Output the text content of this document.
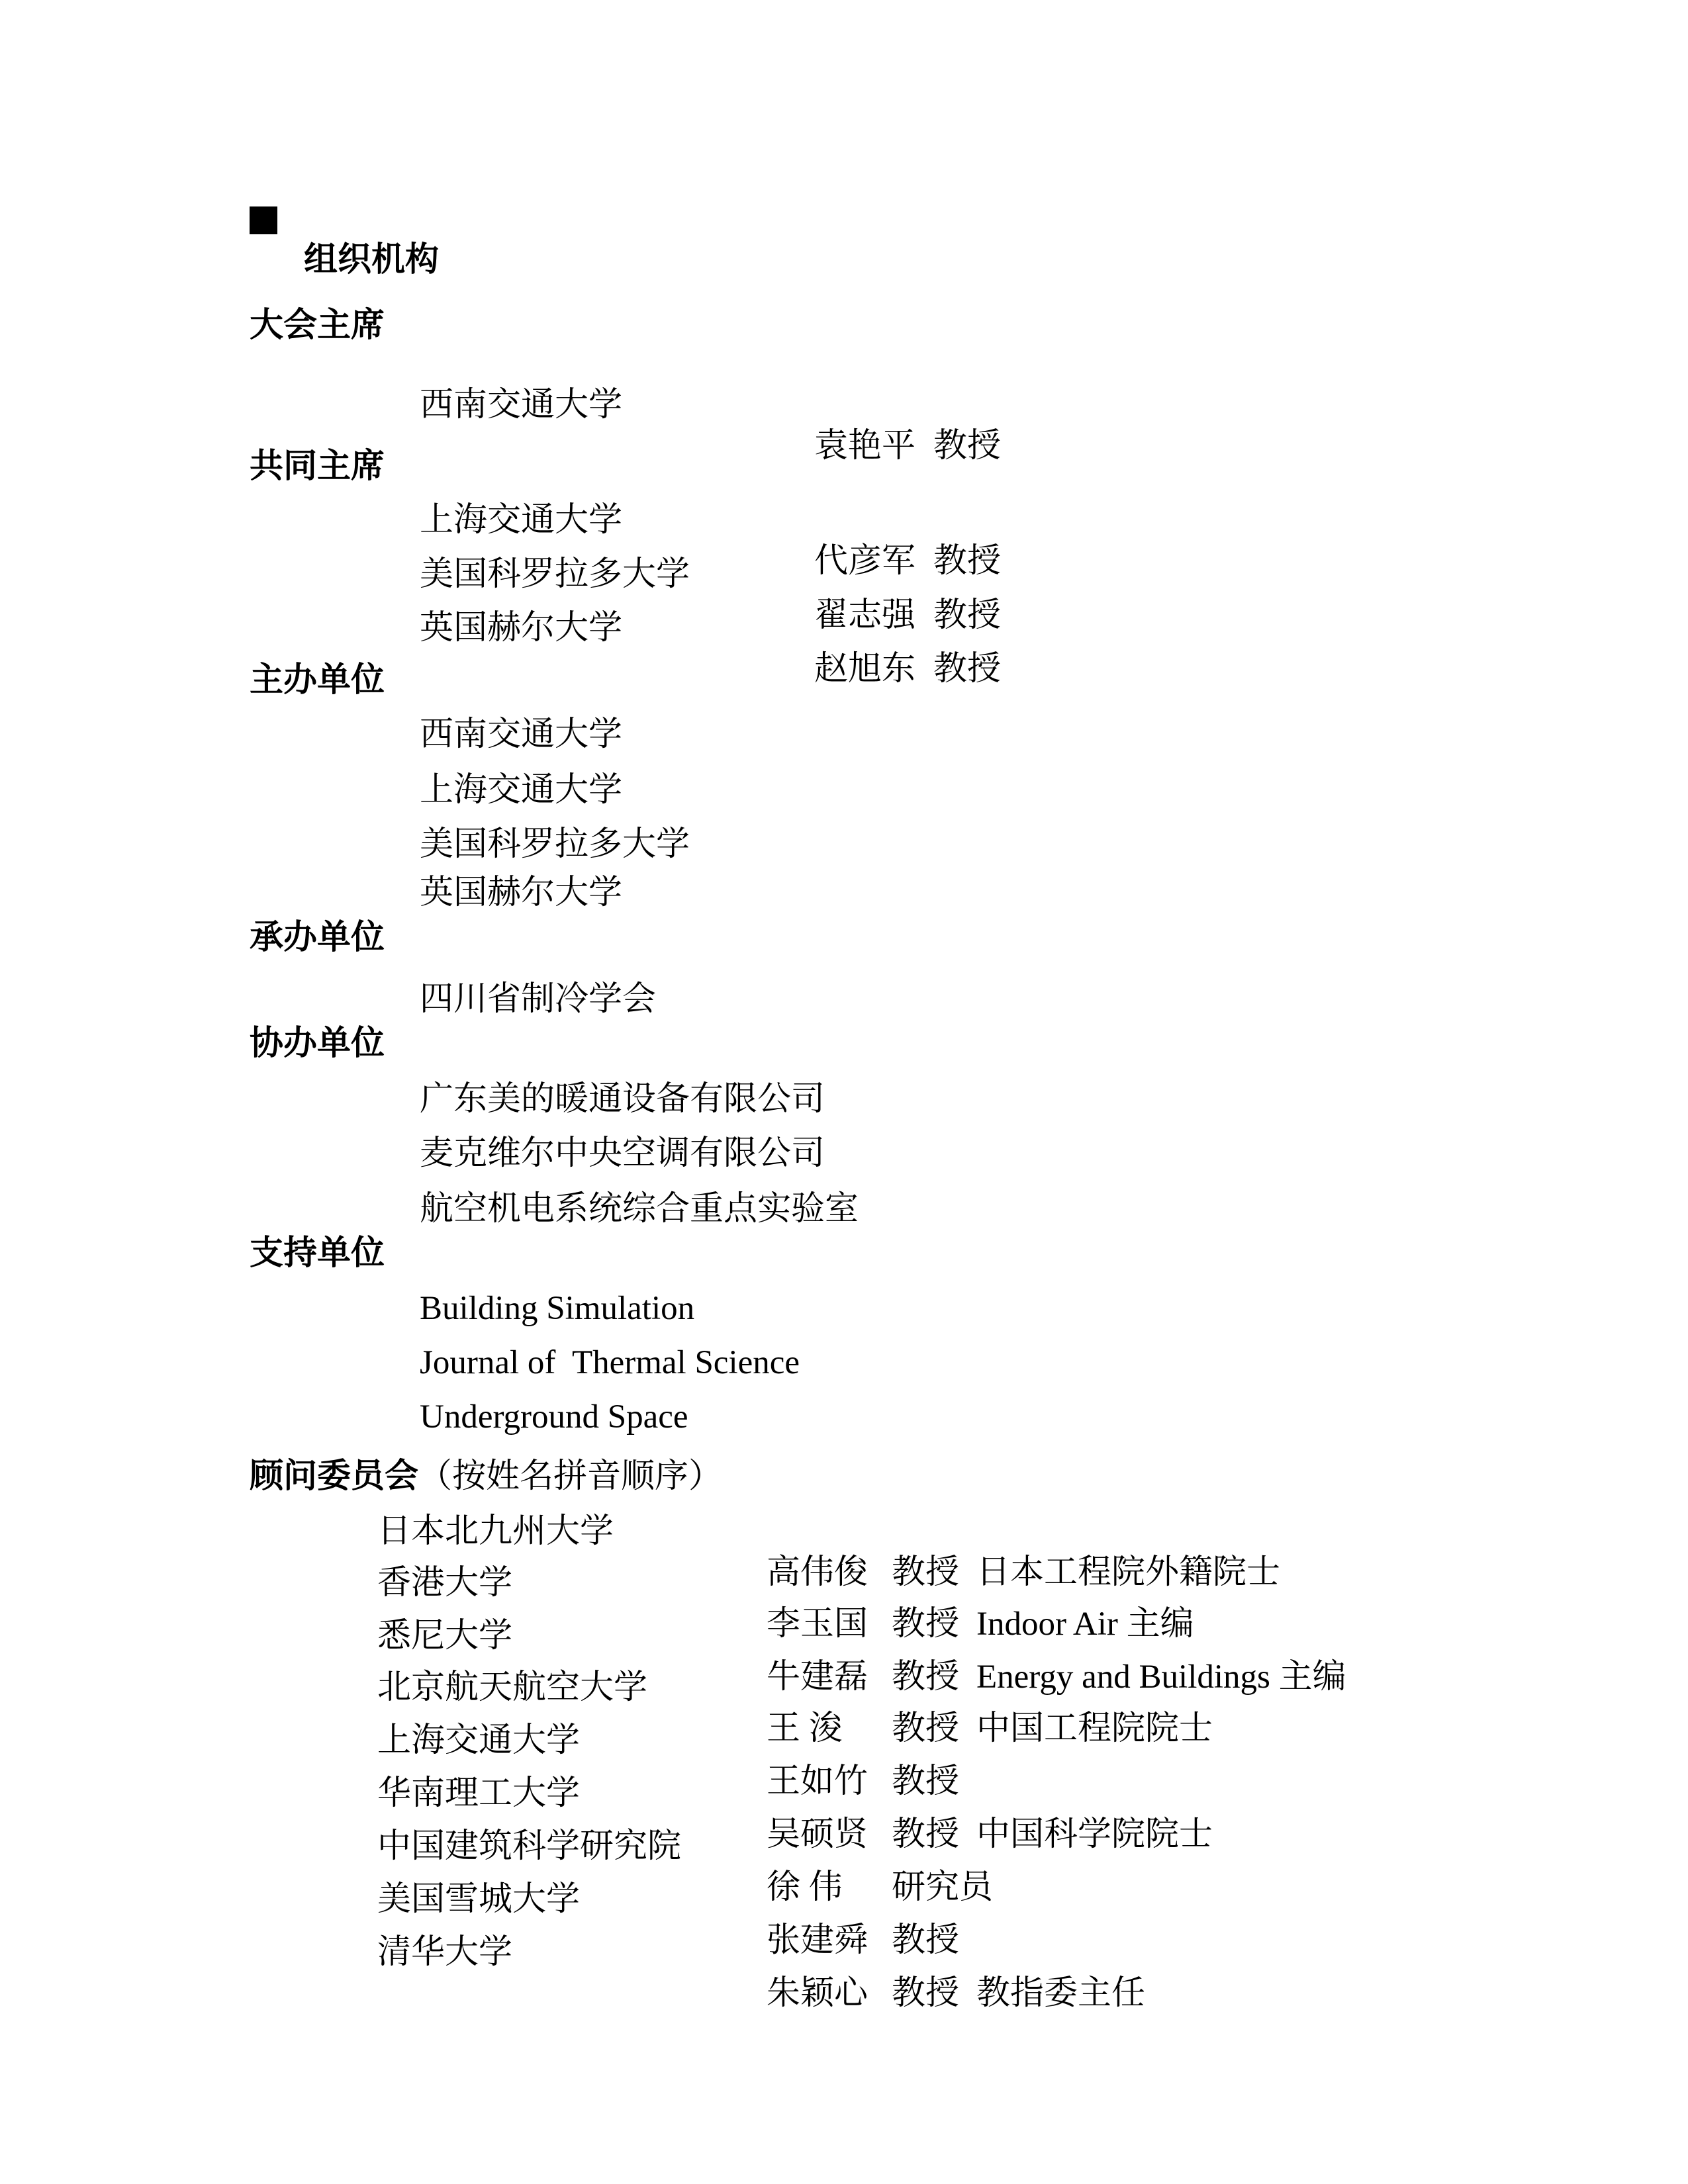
组织机构

大会主席

西南交通大学

袁艳平 教授

共同主席

上海交通大学

代彦军 教授

美国科罗拉多大学

翟志强 教授

英国赫尔大学

赵旭东 教授

主办单位

西南交通大学

上海交通大学

美国科罗拉多大学

英国赫尔大学

承办单位

四川省制冷学会

协办单位

广东美的暖通设备有限公司

麦克维尔中央空调有限公司

航空机电系统综合重点实验室

支持单位

Building Simulation

Journal of  Thermal Science

Underground Space

顾问委员会（按姓名拼音顺序）

日本北九州大学

高伟俊 教授 日本工程院外籍院士

香港大学

李玉国 教授 Indoor Air 主编

悉尼大学

牛建磊 教授 Energy and Buildings 主编

北京航天航空大学

王 浚 教授 中国工程院院士

上海交通大学

王如竹 教授

华南理工大学

吴硕贤 教授 中国科学院院士

中国建筑科学研究院

徐 伟 研究员

美国雪城大学

张建舜 教授

清华大学

朱颖心 教授 教指委主任
